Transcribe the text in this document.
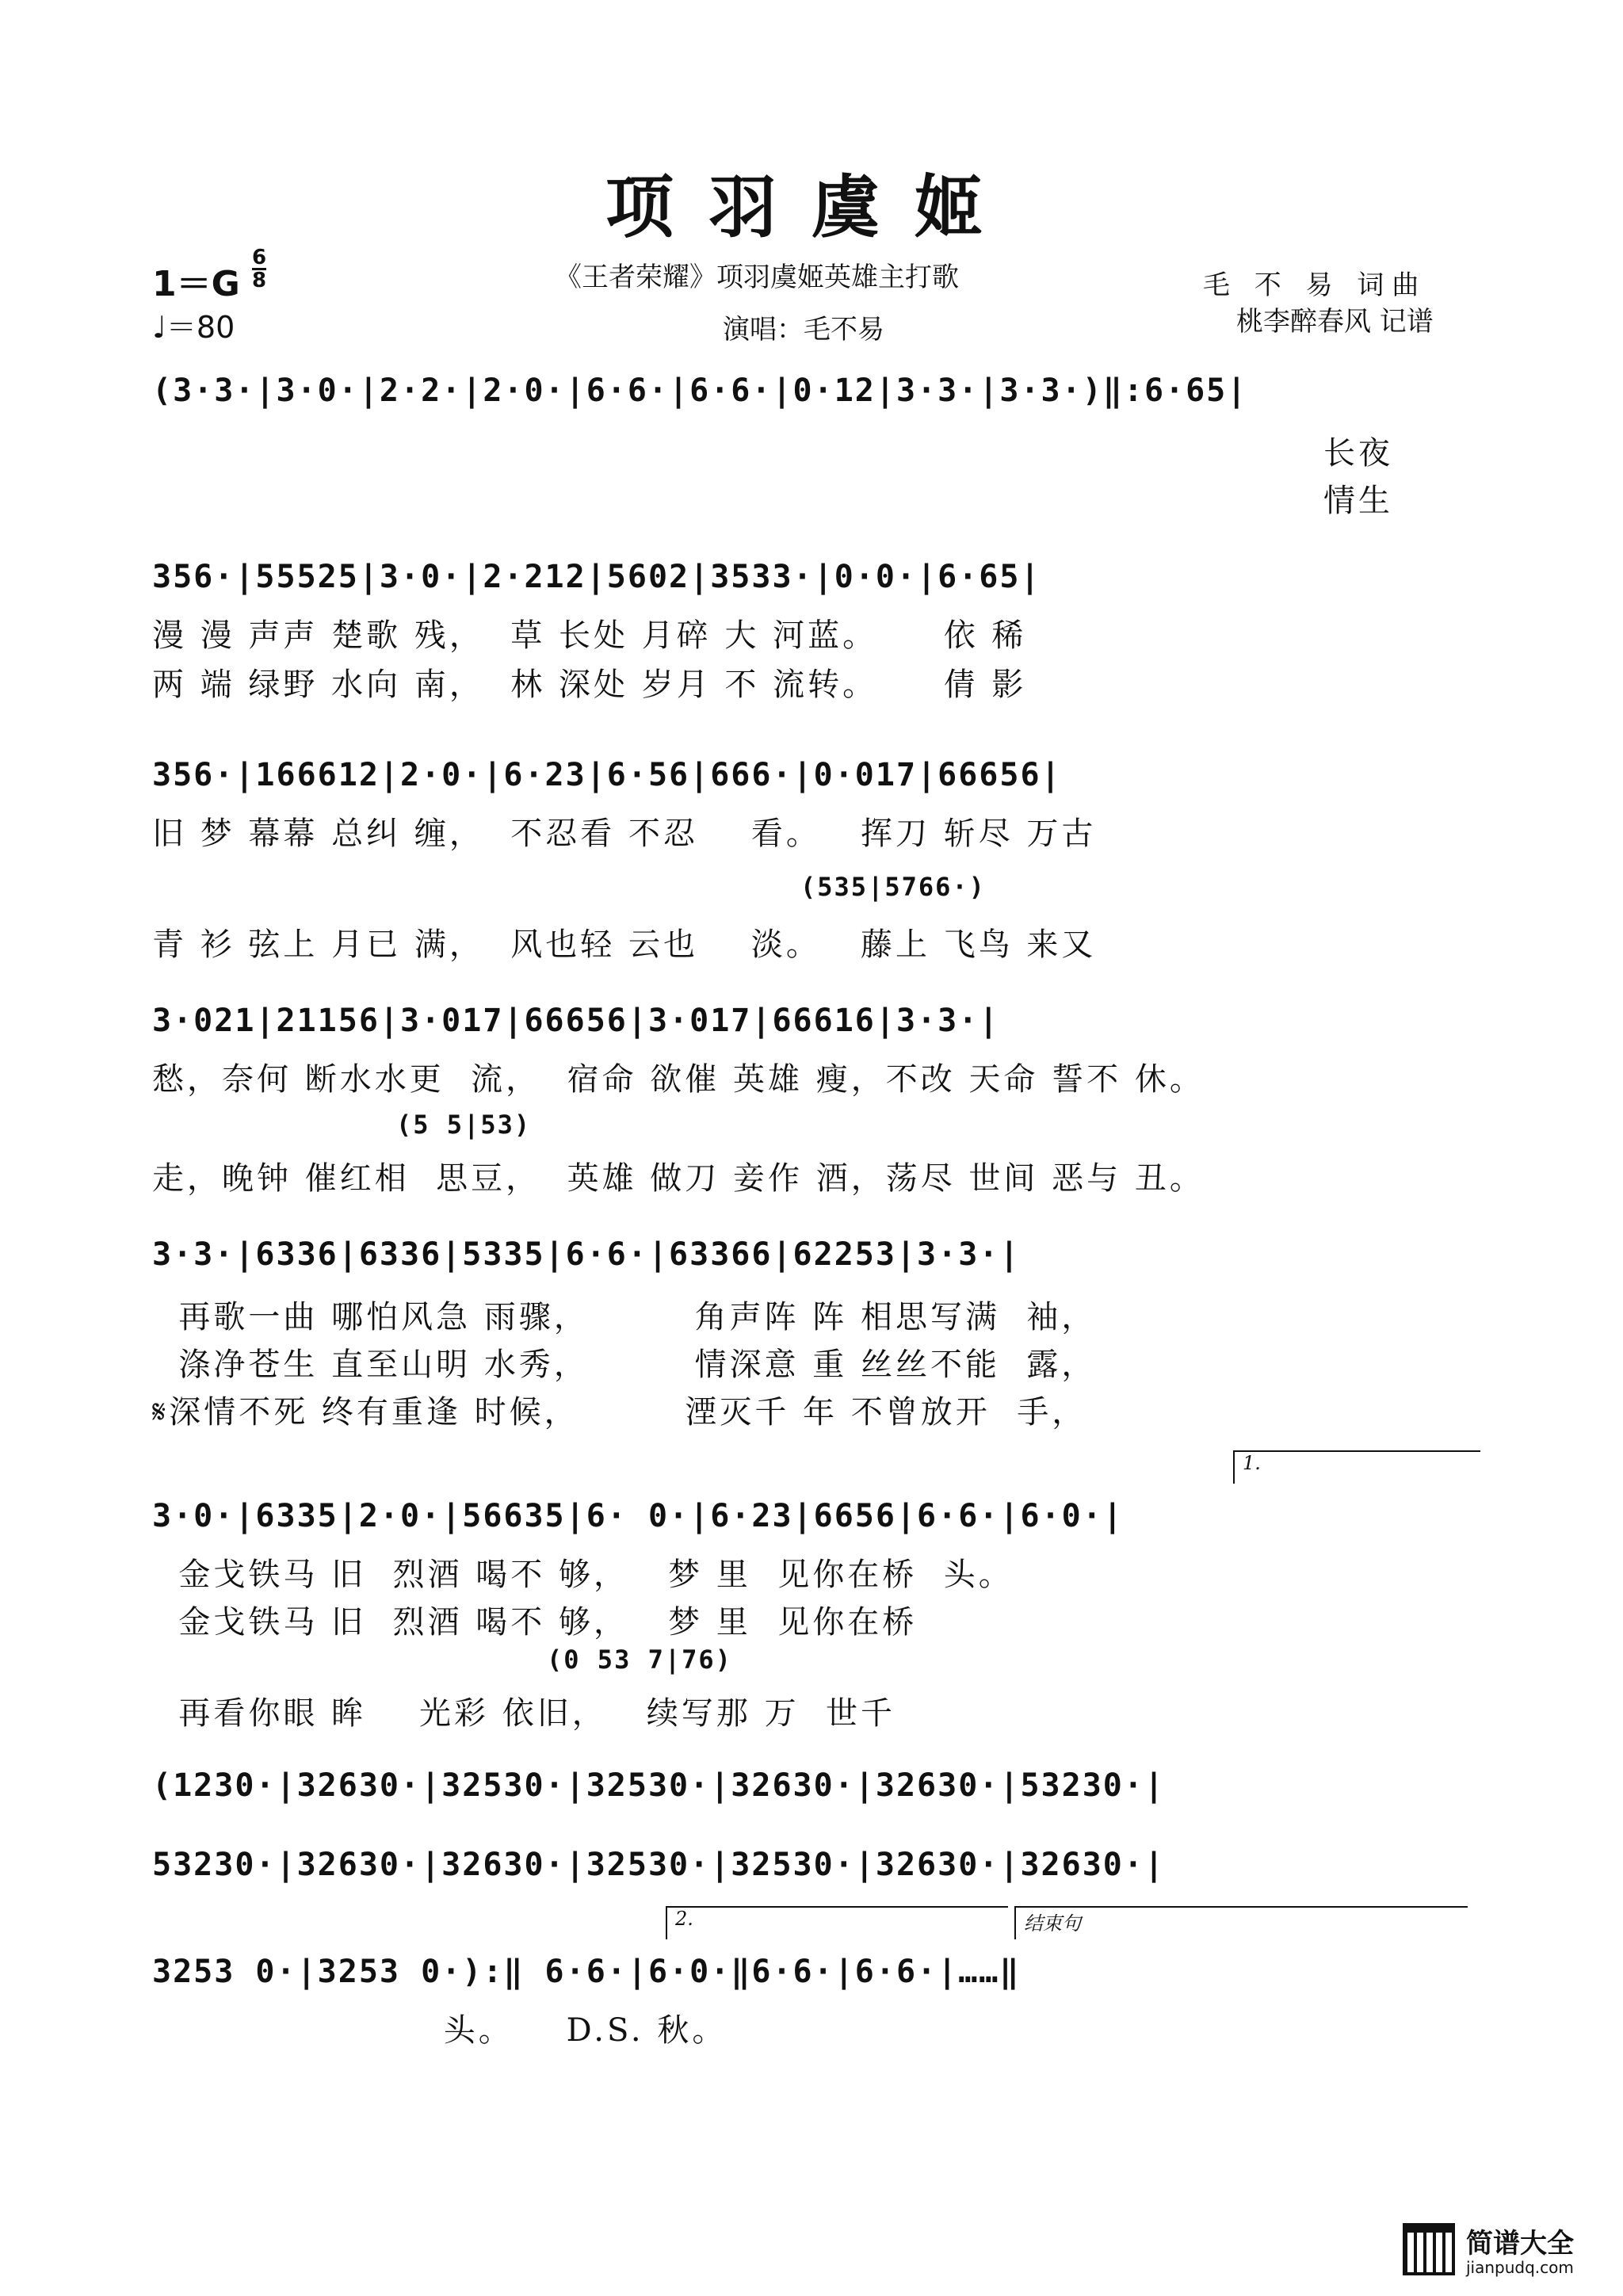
项羽虞姬
1＝G
6
8
♩＝80
《王者荣耀》项羽虞姬英雄主打歌
演唱：毛不易
毛 不 易 词曲
桃李醉春风 记谱
(3·3·|3·0·|2·2·|2·0·|6·6·|6·6·|0·12|3·3·|3·3·)‖:6·65|
长夜
情生
356·|55525|3·0·|2·212|5602|3533·|0·0·|6·65|
漫 漫 声声 楚歌 残，  草 长处 月碎 大 河蓝。     依 稀
两 端 绿野 水向 南，  林 深处 岁月 不 流转。     倩 影
356·|166612|2·0·|6·23|6·56|666·|0·017|66656|
旧 梦 幕幕 总纠 缠，  不忍看 不忍    看。   挥刀 斩尽 万古
(535|5766·)
青 衫 弦上 月已 满，  风也轻 云也    淡。   藤上 飞鸟 来又
3·021|21156|3·017|66656|3·017|66616|3·3·|
愁，奈何 断水水更  流，  宿命 欲催 英雄 瘦，不改 天命 誓不 休。
(5 5|53)
走，晚钟 催红相  思豆，  英雄 做刀 妾作 酒，荡尽 世间 恶与 丑。
3·3·|6336|6336|5335|6·6·|63366|62253|3·3·|
再歌一曲 哪怕风急 雨骤，        角声阵 阵 相思写满  袖，
涤净苍生 直至山明 水秀，        情深意 重 丝丝不能  露，
𝄋深情不死 终有重逢 时候，        湮灭千 年 不曾放开  手，
1.
3·0·|6335|2·0·|56635|6· 0·|6·23|6656|6·6·|6·0·|
金戈铁马 旧  烈酒 喝不 够，   梦 里  见你在桥  头。
金戈铁马 旧  烈酒 喝不 够，   梦 里  见你在桥
(0 53 7|76)
再看你眼 眸    光彩 依旧，   续写那 万  世千
(1230·|32630·|32530·|32530·|32630·|32630·|53230·|
53230·|32630·|32630·|32530·|32530·|32630·|32630·|
2.	结束句
3253 0·|3253 0·):‖ 6·6·|6·0·‖6·6·|6·6·|……‖
头。    D.S. 秋。
简谱大全
jianpudq.com
